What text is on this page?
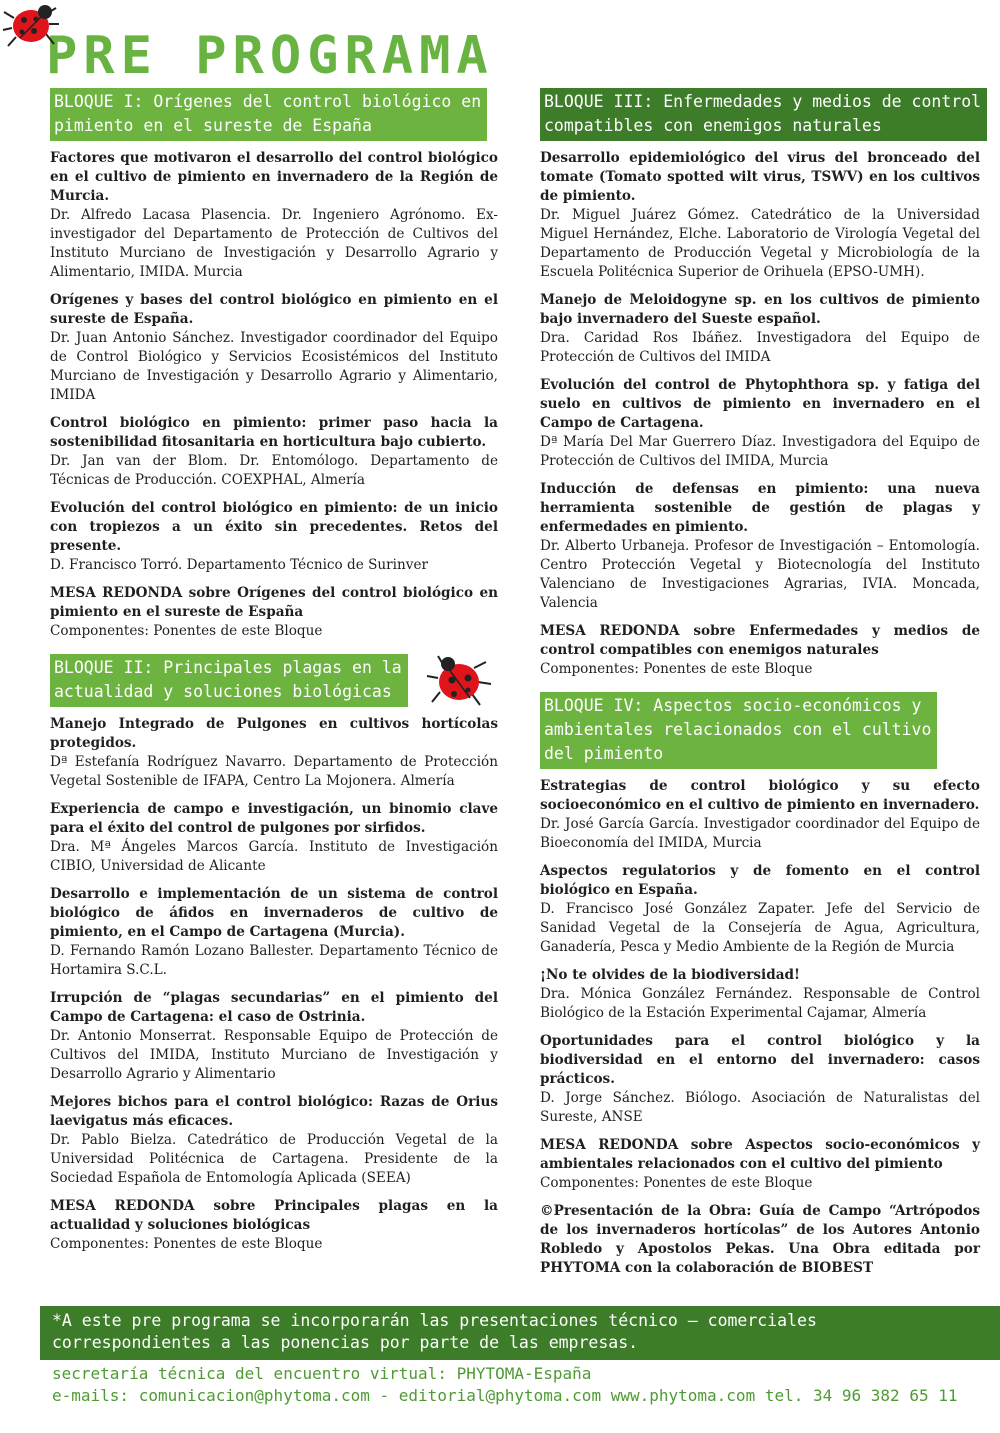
PRE PROGRAMA
BLOQUE I: Orígenes del control biológico en
pimiento en el sureste de España
Factores que motivaron el desarrollo del control biológico en el cultivo de pimiento en invernadero de la Región de Murcia.
Dr. Alfredo Lacasa Plasencia. Dr. Ingeniero Agrónomo. Ex-investigador del Departamento de Protección de Cultivos del Instituto Murciano de Investigación y Desarrollo Agrario y Alimentario, IMIDA. Murcia
Orígenes y bases del control biológico en pimiento en el sureste de España.
Dr. Juan Antonio Sánchez. Investigador coordinador del Equipo de Control Biológico y Servicios Ecosistémicos del Instituto Murciano de Investigación y Desarrollo Agrario y Alimentario, IMIDA
Control biológico en pimiento: primer paso hacia la sostenibilidad fitosanitaria en horticultura bajo cubierto.
Dr. Jan van der Blom. Dr. Entomólogo. Departamento de Técnicas de Producción. COEXPHAL, Almería
Evolución del control biológico en pimiento: de un inicio con tropiezos a un éxito sin precedentes. Retos del presente.
D. Francisco Torró. Departamento Técnico de Surinver
MESA REDONDA sobre Orígenes del control biológico en pimiento en el sureste de España
Componentes: Ponentes de este Bloque
BLOQUE II: Principales plagas en la
actualidad y soluciones biológicas
Manejo Integrado de Pulgones en cultivos hortícolas protegidos.
Dª Estefanía Rodríguez Navarro. Departamento de Protección Vegetal Sostenible de IFAPA, Centro La Mojonera. Almería
Experiencia de campo e investigación, un binomio clave para el éxito del control de pulgones por sirfidos.
Dra. Mª Ángeles Marcos García. Instituto de Investigación CIBIO, Universidad de Alicante
Desarrollo e implementación de un sistema de control biológico de áfidos en invernaderos de cultivo de pimiento, en el Campo de Cartagena (Murcia).
D. Fernando Ramón Lozano Ballester. Departamento Técnico de Hortamira S.C.L.
Irrupción de “plagas secundarias” en el pimiento del Campo de Cartagena: el caso de Ostrinia.
Dr. Antonio Monserrat. Responsable Equipo de Protección de Cultivos del IMIDA, Instituto Murciano de Investigación y Desarrollo Agrario y Alimentario
Mejores bichos para el control biológico: Razas de Orius laevigatus más eficaces.
Dr. Pablo Bielza. Catedrático de Producción Vegetal de la Universidad Politécnica de Cartagena. Presidente de la Sociedad Española de Entomología Aplicada (SEEA)
MESA REDONDA sobre Principales plagas en la actualidad y soluciones biológicas
Componentes: Ponentes de este Bloque
BLOQUE III: Enfermedades y medios de control
compatibles con enemigos naturales
Desarrollo epidemiológico del virus del bronceado del tomate (Tomato spotted wilt virus, TSWV) en los cultivos de pimiento.
Dr. Miguel Juárez Gómez. Catedrático de la Universidad Miguel Hernández, Elche. Laboratorio de Virología Vegetal del Departamento de Producción Vegetal y Microbiología de la Escuela Politécnica Superior de Orihuela (EPSO-UMH).
Manejo de Meloidogyne sp. en los cultivos de pimiento bajo invernadero del Sueste español.
Dra. Caridad Ros Ibáñez. Investigadora del Equipo de Protección de Cultivos del IMIDA
Evolución del control de Phytophthora sp. y fatiga del suelo en cultivos de pimiento en invernadero en el Campo de Cartagena.
Dª María Del Mar Guerrero Díaz. Investigadora del Equipo de Protección de Cultivos del IMIDA, Murcia
Inducción de defensas en pimiento: una nueva herramienta sostenible de gestión de plagas y enfermedades en pimiento.
Dr. Alberto Urbaneja. Profesor de Investigación – Entomología. Centro Protección Vegetal y Biotecnología del Instituto Valenciano de Investigaciones Agrarias, IVIA. Moncada, Valencia
MESA REDONDA sobre Enfermedades y medios de control compatibles con enemigos naturales
Componentes: Ponentes de este Bloque
BLOQUE IV: Aspectos socio-económicos y
ambientales relacionados con el cultivo
del pimiento
Estrategias de control biológico y su efecto socioeconómico en el cultivo de pimiento en invernadero.
Dr. José García García. Investigador coordinador del Equipo de Bioeconomía del IMIDA, Murcia
Aspectos regulatorios y de fomento en el control biológico en España.
D. Francisco José González Zapater. Jefe del Servicio de Sanidad Vegetal de la Consejería de Agua, Agricultura, Ganadería, Pesca y Medio Ambiente de la Región de Murcia
¡No te olvides de la biodiversidad!
Dra. Mónica González Fernández. Responsable de Control Biológico de la Estación Experimental Cajamar, Almería
Oportunidades para el control biológico y la biodiversidad en el entorno del invernadero: casos prácticos.
D. Jorge Sánchez. Biólogo. Asociación de Naturalistas del Sureste, ANSE
MESA REDONDA sobre Aspectos socio-económicos y ambientales relacionados con el cultivo del pimiento
Componentes: Ponentes de este Bloque
©Presentación de la Obra: Guía de Campo “Artrópodos de los invernaderos hortícolas” de los Autores Antonio Robledo y Apostolos Pekas. Una Obra editada por PHYTOMA con la colaboración de BIOBEST
*A este pre programa se incorporarán las presentaciones técnico – comerciales
correspondientes a las ponencias por parte de las empresas.
secretaría técnica del encuentro virtual: PHYTOMA-España
e-mails: comunicacion@phytoma.com - editorial@phytoma.com www.phytoma.com tel. 34 96 382 65 11
